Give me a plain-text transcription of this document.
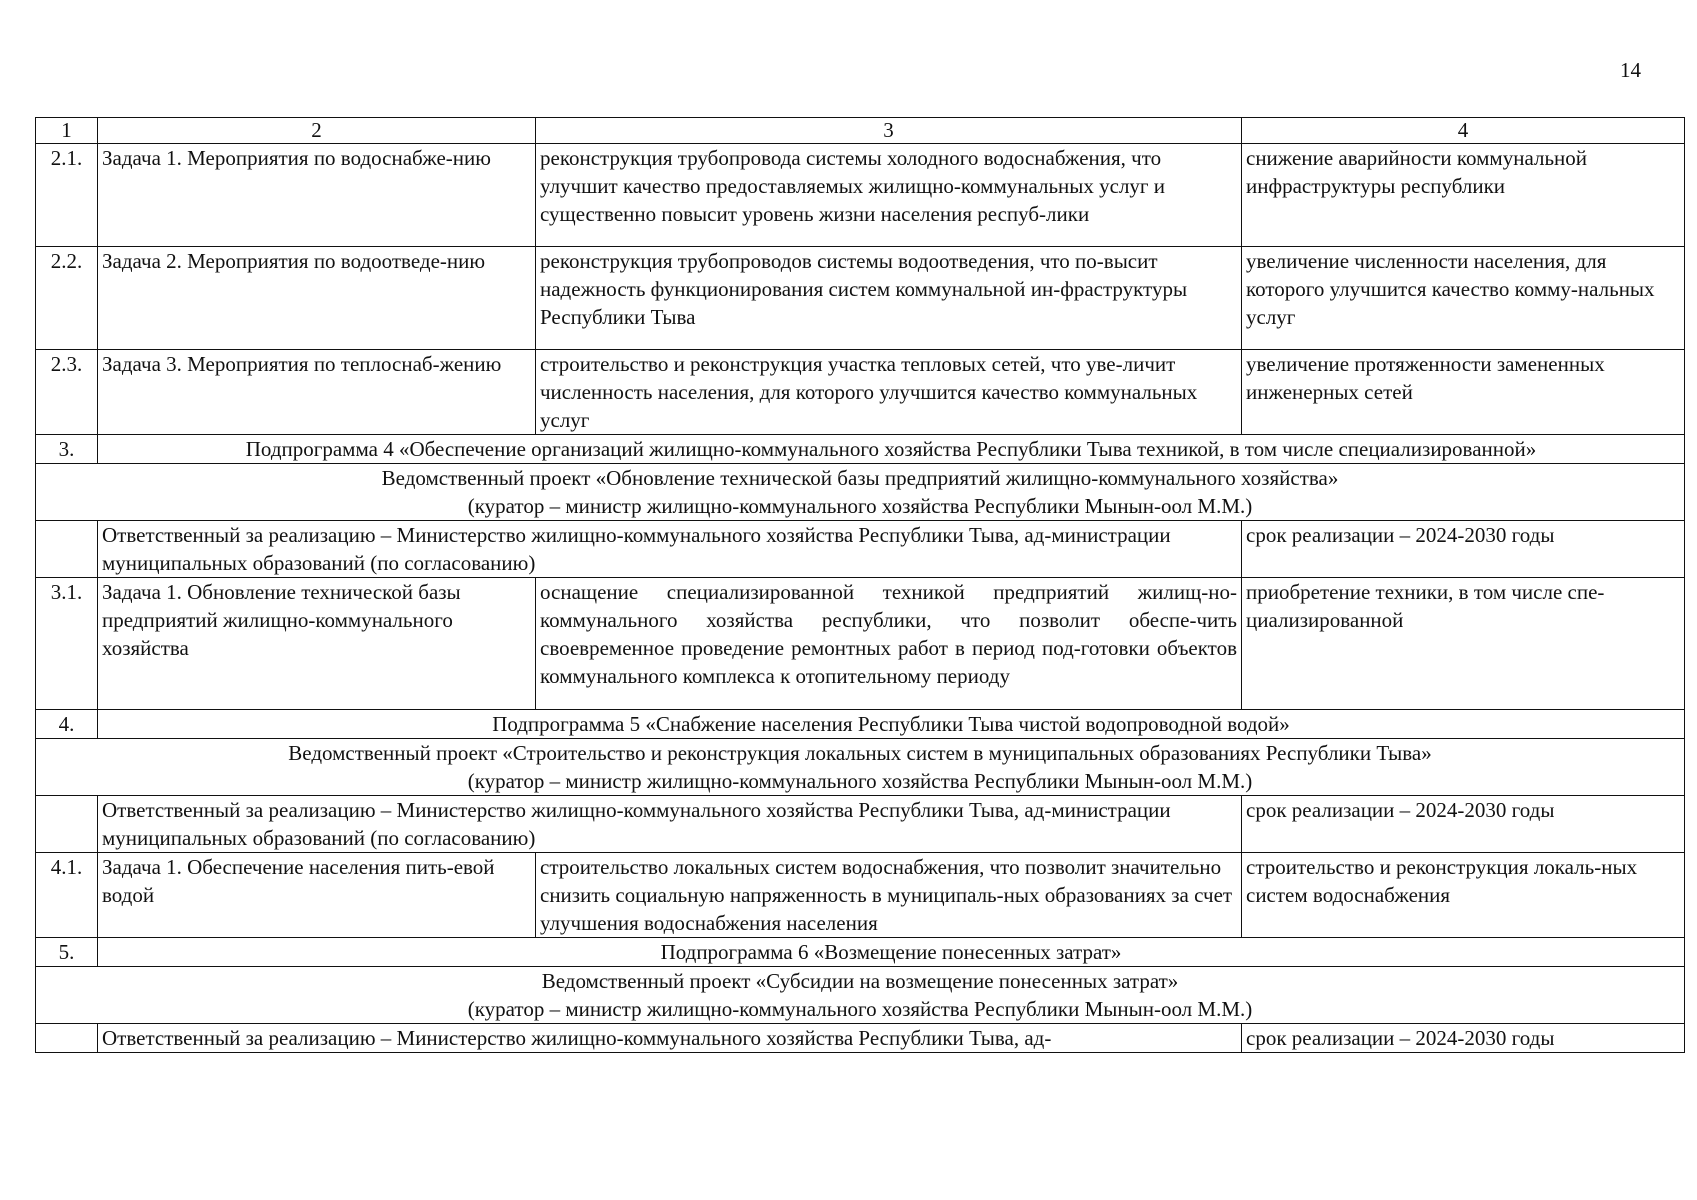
14
1	2	3	4
2.1.	Задача 1. Мероприятия по водоснабже-нию	реконструкция трубопровода системы холодного водоснабжения, что улучшит качество предоставляемых жилищно-коммунальных услуг и существенно повысит уровень жизни населения респуб-лики	снижение аварийности коммунальной инфраструктуры республики
2.2.	Задача 2. Мероприятия по водоотведе-нию	реконструкция трубопроводов системы водоотведения, что по-высит надежность функционирования систем коммунальной ин-фраструктуры Республики Тыва	увеличение численности населения, для которого улучшится качество комму-нальных услуг
2.3.	Задача 3. Мероприятия по теплоснаб-жению	строительство и реконструкция участка тепловых сетей, что уве-личит численность населения, для которого улучшится качество коммунальных услуг	увеличение протяженности замененных инженерных сетей
3.	Подпрограмма 4 «Обеспечение организаций жилищно-коммунального хозяйства Республики Тыва техникой, в том числе специализированной»		

Ведомственный проект «Обновление технической базы предприятий жилищно-коммунального хозяйства»
(куратор – министр жилищно-коммунального хозяйства Республики Мынын-оол М.М.)			

	Ответственный за реализацию – Министерство жилищно-коммунального хозяйства Республики Тыва, ад-министрации муниципальных образований (по согласованию)		срок реализации – 2024-2030 годы
3.1.	Задача 1. Обновление технической базы предприятий жилищно-коммунального хозяйства	оснащение специализированной техникой предприятий жилищ-но-коммунального хозяйства республики, что позволит обеспе-чить своевременное проведение ремонтных работ в период под-готовки объектов коммунального комплекса к отопительному периоду	приобретение техники, в том числе спе-циализированной
4.	Подпрограмма 5 «Снабжение населения Республики Тыва чистой водопроводной водой»		

Ведомственный проект «Строительство и реконструкция локальных систем в муниципальных образованиях Республики Тыва»
(куратор – министр жилищно-коммунального хозяйства Республики Мынын-оол М.М.)			

	Ответственный за реализацию – Министерство жилищно-коммунального хозяйства Республики Тыва, ад-министрации муниципальных образований (по согласованию)		срок реализации – 2024-2030 годы
4.1.	Задача 1. Обеспечение населения пить-евой водой	строительство локальных систем водоснабжения, что позволит значительно снизить социальную напряженность в муниципаль-ных образованиях за счет улучшения водоснабжения населения	строительство и реконструкция локаль-ных систем водоснабжения
5.	Подпрограмма 6 «Возмещение понесенных затрат»		

Ведомственный проект «Субсидии на возмещение понесенных затрат»
(куратор – министр жилищно-коммунального хозяйства Республики Мынын-оол М.М.)			

	Ответственный за реализацию – Министерство жилищно-коммунального хозяйства Республики Тыва, ад-		срок реализации – 2024-2030 годы
